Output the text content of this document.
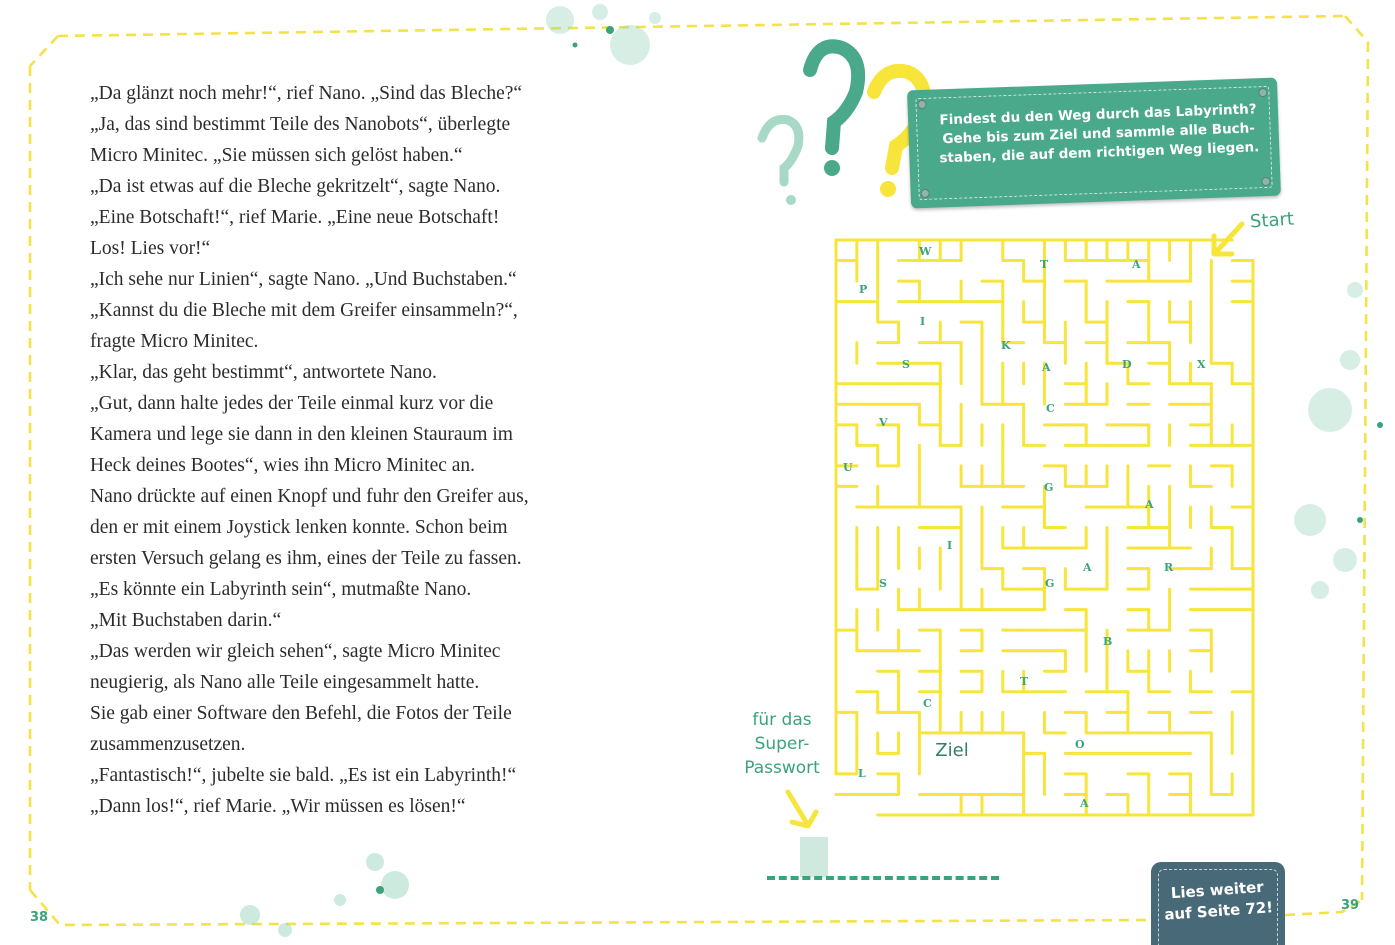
„Da glänzt noch mehr!“, rief Nano. „Sind das Bleche?“

„Ja, das sind bestimmt Teile des Nanobots“, überlegte

Micro Minitec. „Sie müssen sich gelöst haben.“

„Da ist etwas auf die Bleche gekritzelt“, sagte Nano.

„Eine Botschaft!“, rief Marie. „Eine neue Botschaft!

Los! Lies vor!“

„Ich sehe nur Linien“, sagte Nano. „Und Buchstaben.“

„Kannst du die Bleche mit dem Greifer einsammeln?“,

fragte Micro Minitec.

„Klar, das geht bestimmt“, antwortete Nano.

„Gut, dann halte jedes der Teile einmal kurz vor die

Kamera und lege sie dann in den kleinen Stauraum im

Heck deines Bootes“, wies ihn Micro Minitec an.

Nano drückte auf einen Knopf und fuhr den Greifer aus,

den er mit einem Joystick lenken konnte. Schon beim

ersten Versuch gelang es ihm, eines der Teile zu fassen.

„Es könnte ein Labyrinth sein“, mutmaßte Nano.

„Mit Buchstaben darin.“

„Das werden wir gleich sehen“, sagte Micro Minitec

neugierig, als Nano alle Teile eingesammelt hatte.

Sie gab einer Software den Befehl, die Fotos der Teile

zusammenzusetzen.

„Fantastisch!“, jubelte sie bald. „Es ist ein Labyrinth!“

„Dann los!“, rief Marie. „Wir müssen es lösen!“

38
Findest du den Weg durch das Labyrinth?
Gehe bis zum Ziel und sammle alle Buch-
staben, die auf dem richtigen Weg liegen.
Start
Ziel
für das
Super-
Passwort
W
T	A
P
I
K
S	A	D	X
C
V
U
G
A
I
S	G
A	R
B
T
C
O
L
A
Lies weiter
auf Seite 72!	39
